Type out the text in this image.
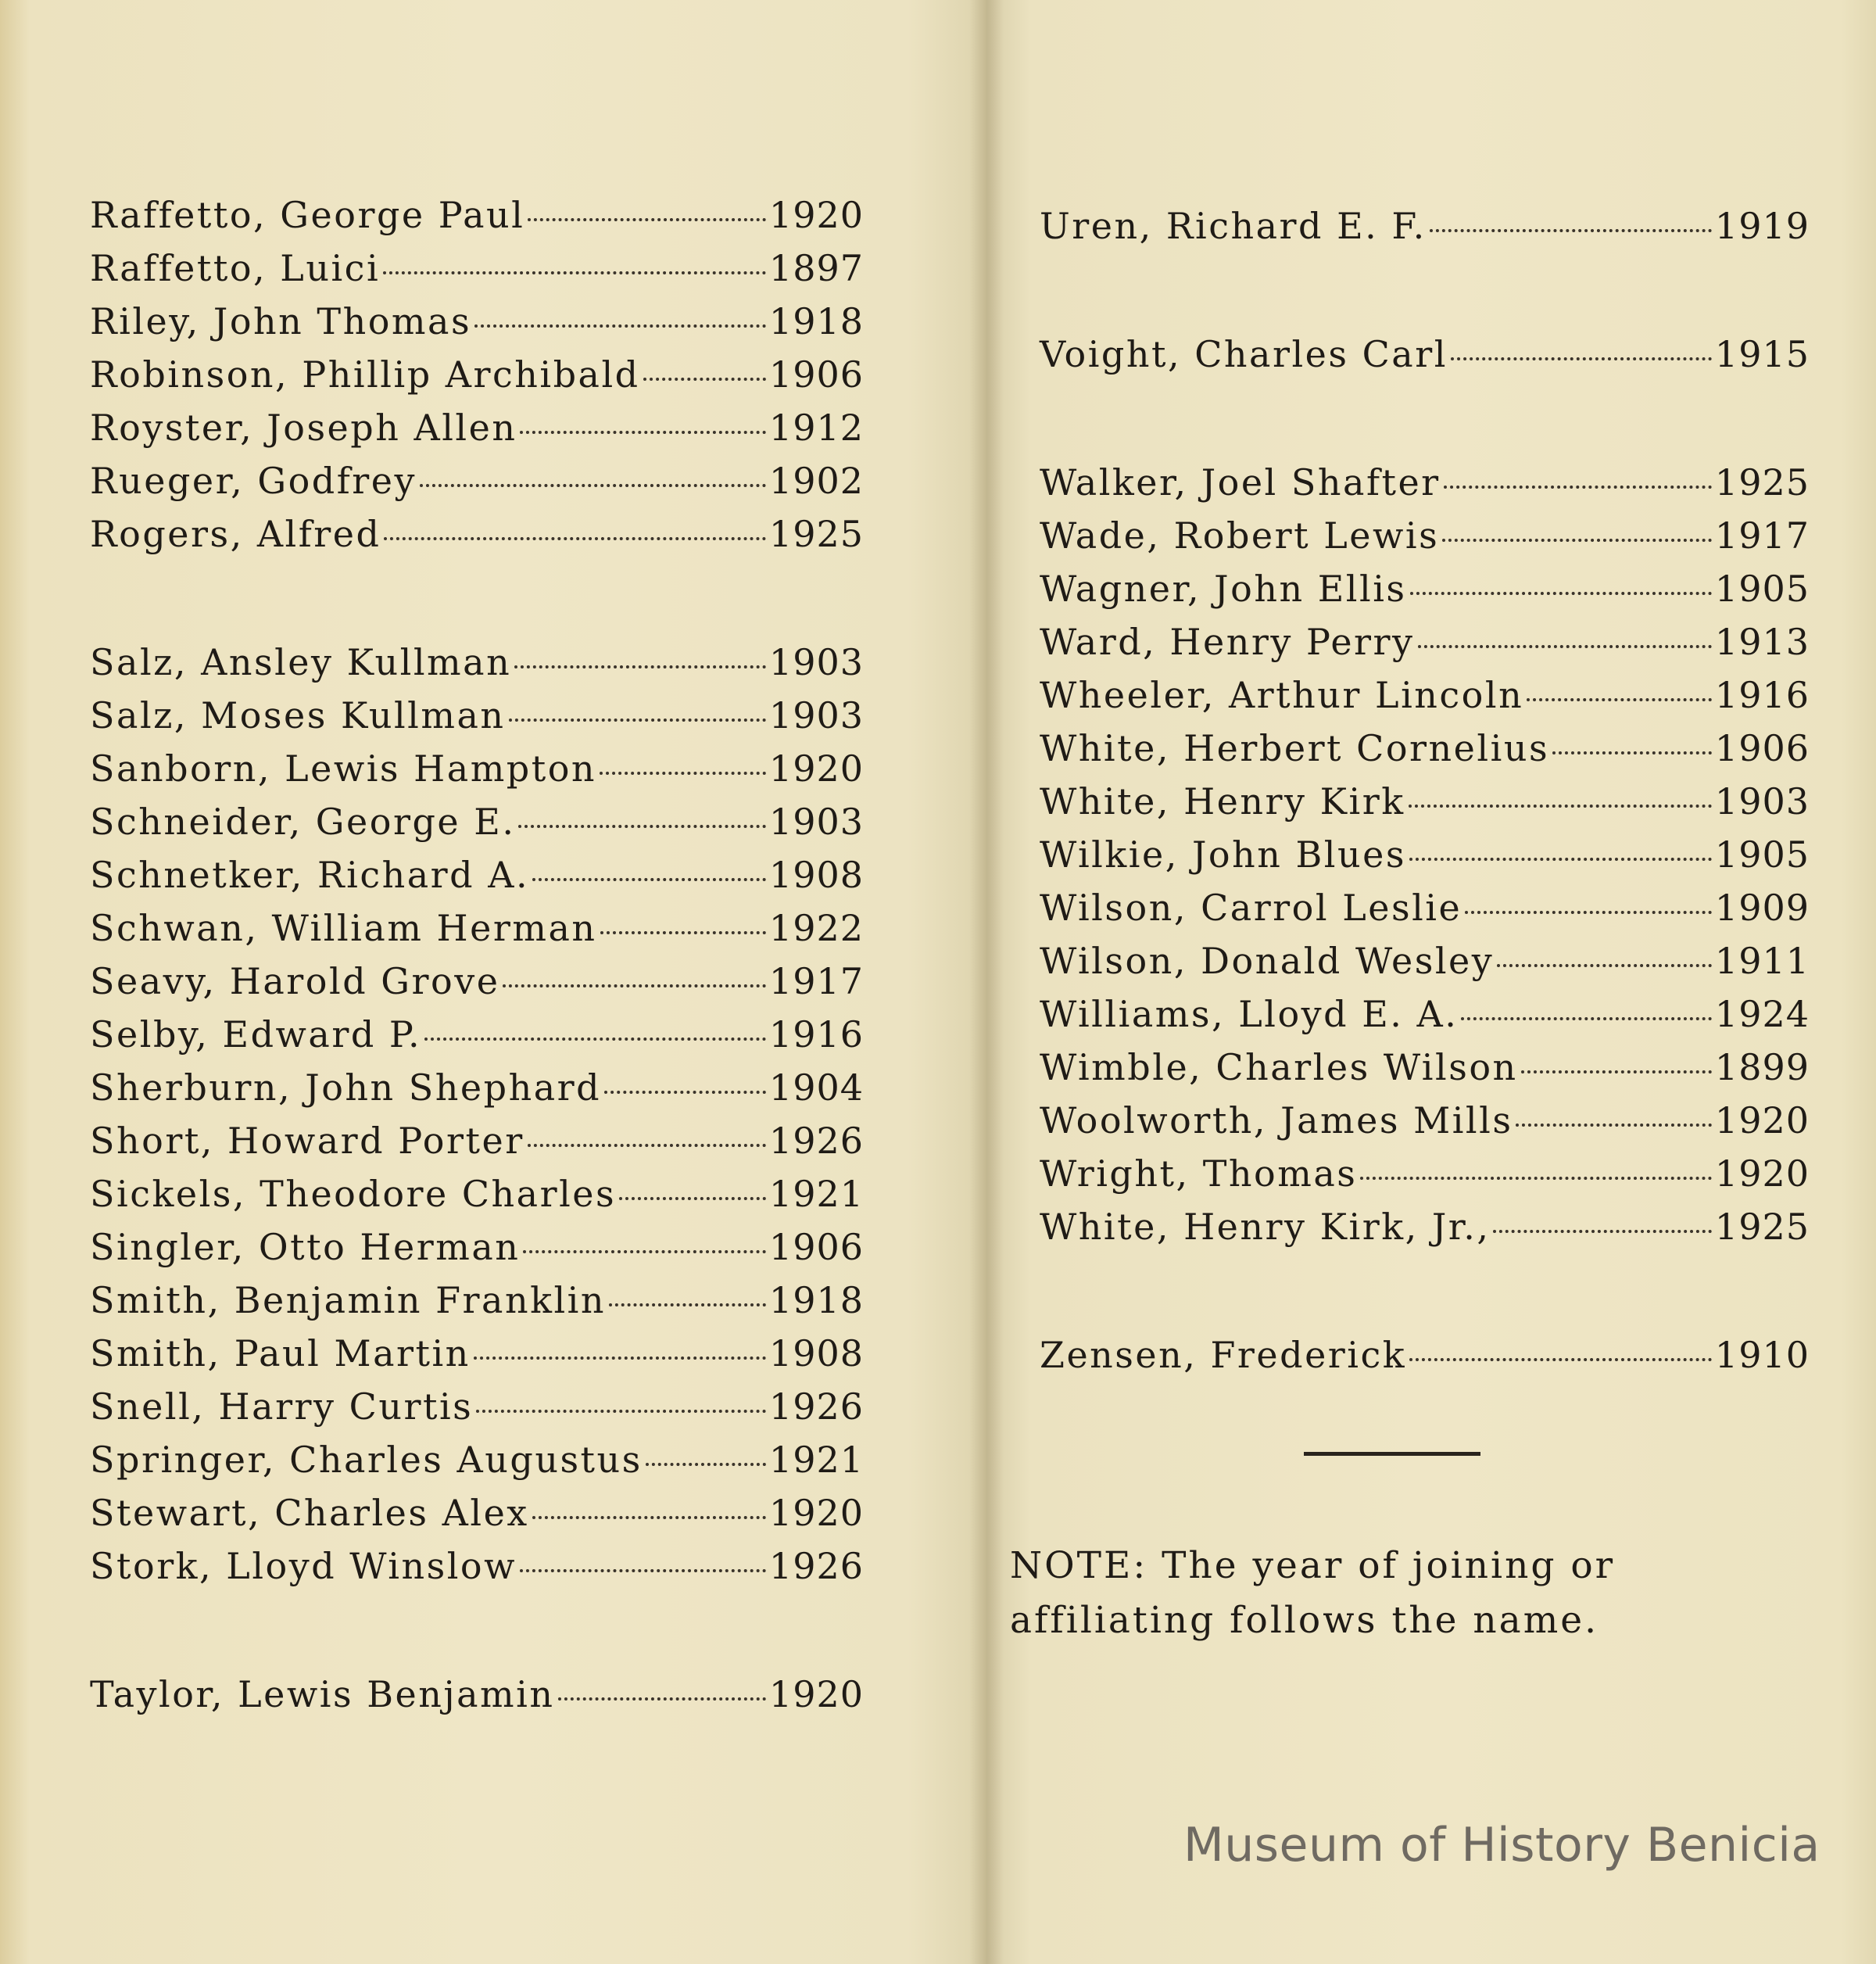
Raffetto, George Paul	1920
Raffetto, Luici	1897
Riley, John Thomas	1918
Robinson, Phillip Archibald	1906
Royster, Joseph Allen	1912
Rueger, Godfrey	1902
Rogers, Alfred	1925
Salz, Ansley Kullman	1903
Salz, Moses Kullman	1903
Sanborn, Lewis Hampton	1920
Schneider, George E.	1903
Schnetker, Richard A.	1908
Schwan, William Herman	1922
Seavy, Harold Grove	1917
Selby, Edward P.	1916
Sherburn, John Shephard	1904
Short, Howard Porter	1926
Sickels, Theodore Charles	1921
Singler, Otto Herman	1906
Smith, Benjamin Franklin	1918
Smith, Paul Martin	1908
Snell, Harry Curtis	1926
Springer, Charles Augustus	1921
Stewart, Charles Alex	1920
Stork, Lloyd Winslow	1926
Taylor, Lewis Benjamin	1920
Uren, Richard E. F.	1919
Voight, Charles Carl	1915
Walker, Joel Shafter	1925
Wade, Robert Lewis	1917
Wagner, John Ellis	1905
Ward, Henry Perry	1913
Wheeler, Arthur Lincoln	1916
White, Herbert Cornelius	1906
White, Henry Kirk	1903
Wilkie, John Blues	1905
Wilson, Carrol Leslie	1909
Wilson, Donald Wesley	1911
Williams, Lloyd E. A.	1924
Wimble, Charles Wilson	1899
Woolworth, James Mills	1920
Wright, Thomas	1920
White, Henry Kirk, Jr.,	1925
Zensen, Frederick	1910
NOTE: The year of joining or affiliating follows the name.
Museum of History Benicia
